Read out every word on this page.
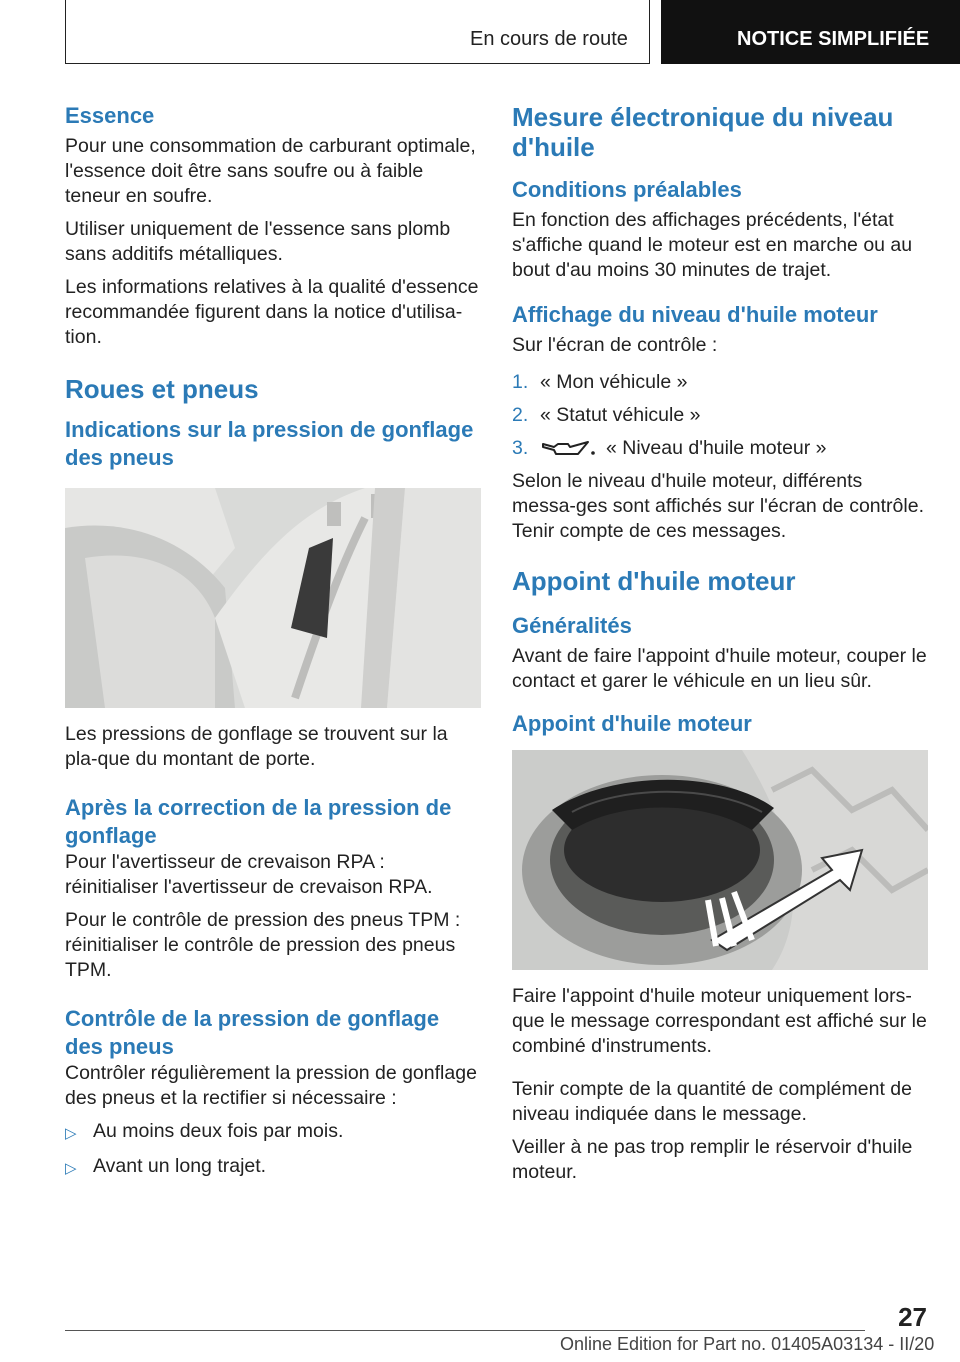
En cours de route	NOTICE SIMPLIFIÉE
Essence

Pour une consommation de carburant optimale, l'essence doit être sans soufre ou à faible teneur en soufre.

Utiliser uniquement de l'essence sans plomb sans additifs métalliques.

Les informations relatives à la qualité d'essence recommandée figurent dans la notice d'utilisa-tion.

Roues et pneus
Indications sur la pression de gonflage des pneus

Les pressions de gonflage se trouvent sur la pla-que du montant de porte.

Après la correction de la pression de gonflage

Pour l'avertisseur de crevaison RPA : réinitialiser l'avertisseur de crevaison RPA.

Pour le contrôle de pression des pneus TPM : réinitialiser le contrôle de pression des pneus TPM.

Contrôle de la pression de gonflage des pneus

Contrôler régulièrement la pression de gonflage des pneus et la rectifier si nécessaire :

▷ Au moins deux fois par mois.
▷ Avant un long trajet.
Mesure électronique du niveau d'huile
Conditions préalables

En fonction des affichages précédents, l'état s'affiche quand le moteur est en marche ou au bout d'au moins 30 minutes de trajet.

Affichage du niveau d'huile moteur

Sur l'écran de contrôle :

1. « Mon véhicule »
2. « Statut véhicule »
3.	« Niveau d'huile moteur »

Selon le niveau d'huile moteur, différents messa-ges sont affichés sur l'écran de contrôle. Tenir compte de ces messages.

Appoint d'huile moteur
Généralités

Avant de faire l'appoint d'huile moteur, couper le contact et garer le véhicule en un lieu sûr.

Appoint d'huile moteur

Faire l'appoint d'huile moteur uniquement lors-que le message correspondant est affiché sur le combiné d'instruments.

Tenir compte de la quantité de complément de niveau indiquée dans le message.

Veiller à ne pas trop remplir le réservoir d'huile moteur.

27
Online Edition for Part no. 01405A03134 - II/20
